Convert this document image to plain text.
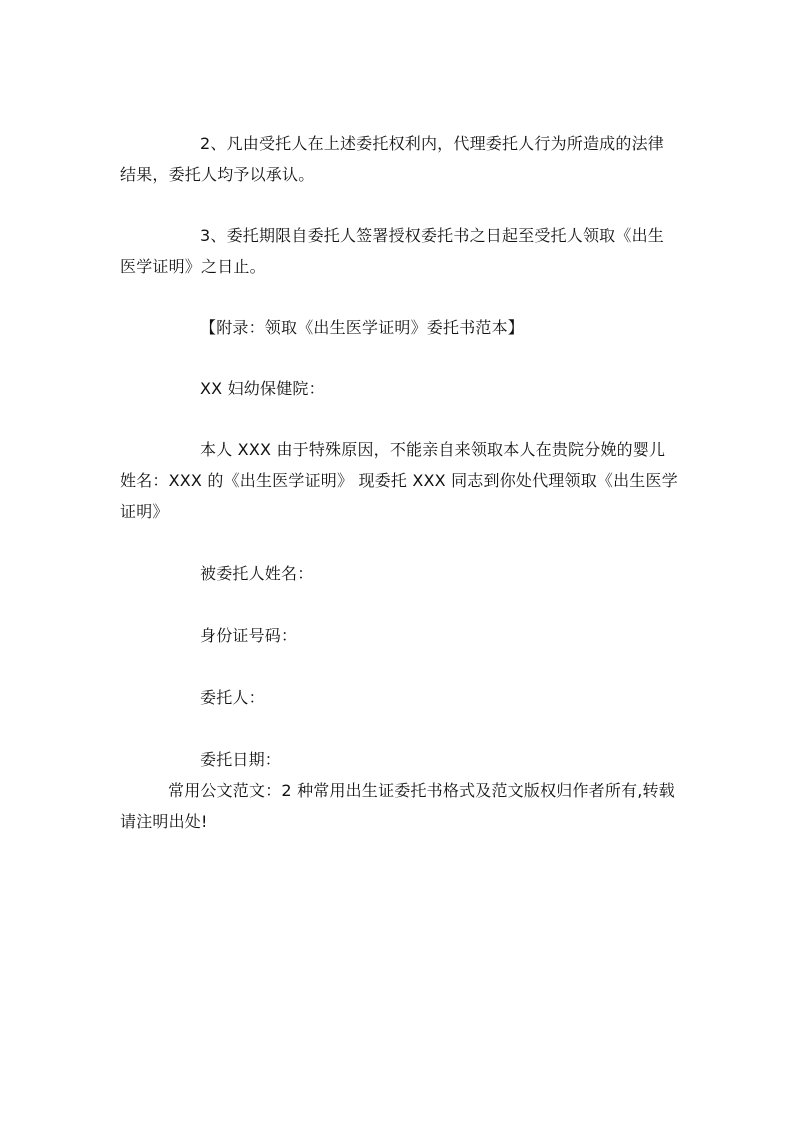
2、凡由受托人在上述委托权利内，代理委托人行为所造成的法律结果，委托人均予以承认。

3、委托期限自委托人签署授权委托书之日起至受托人领取《出生医学证明》之日止。

【附录：领取《出生医学证明》委托书范本】

XX 妇幼保健院：

本人 XXX 由于特殊原因，不能亲自来领取本人在贵院分娩的婴儿姓名：XXX 的《出生医学证明》 现委托 XXX 同志到你处代理领取《出生医学证明》

被委托人姓名：

身份证号码：

委托人：

委托日期：

常用公文范文：2 种常用出生证委托书格式及范文版权归作者所有,转载请注明出处!
